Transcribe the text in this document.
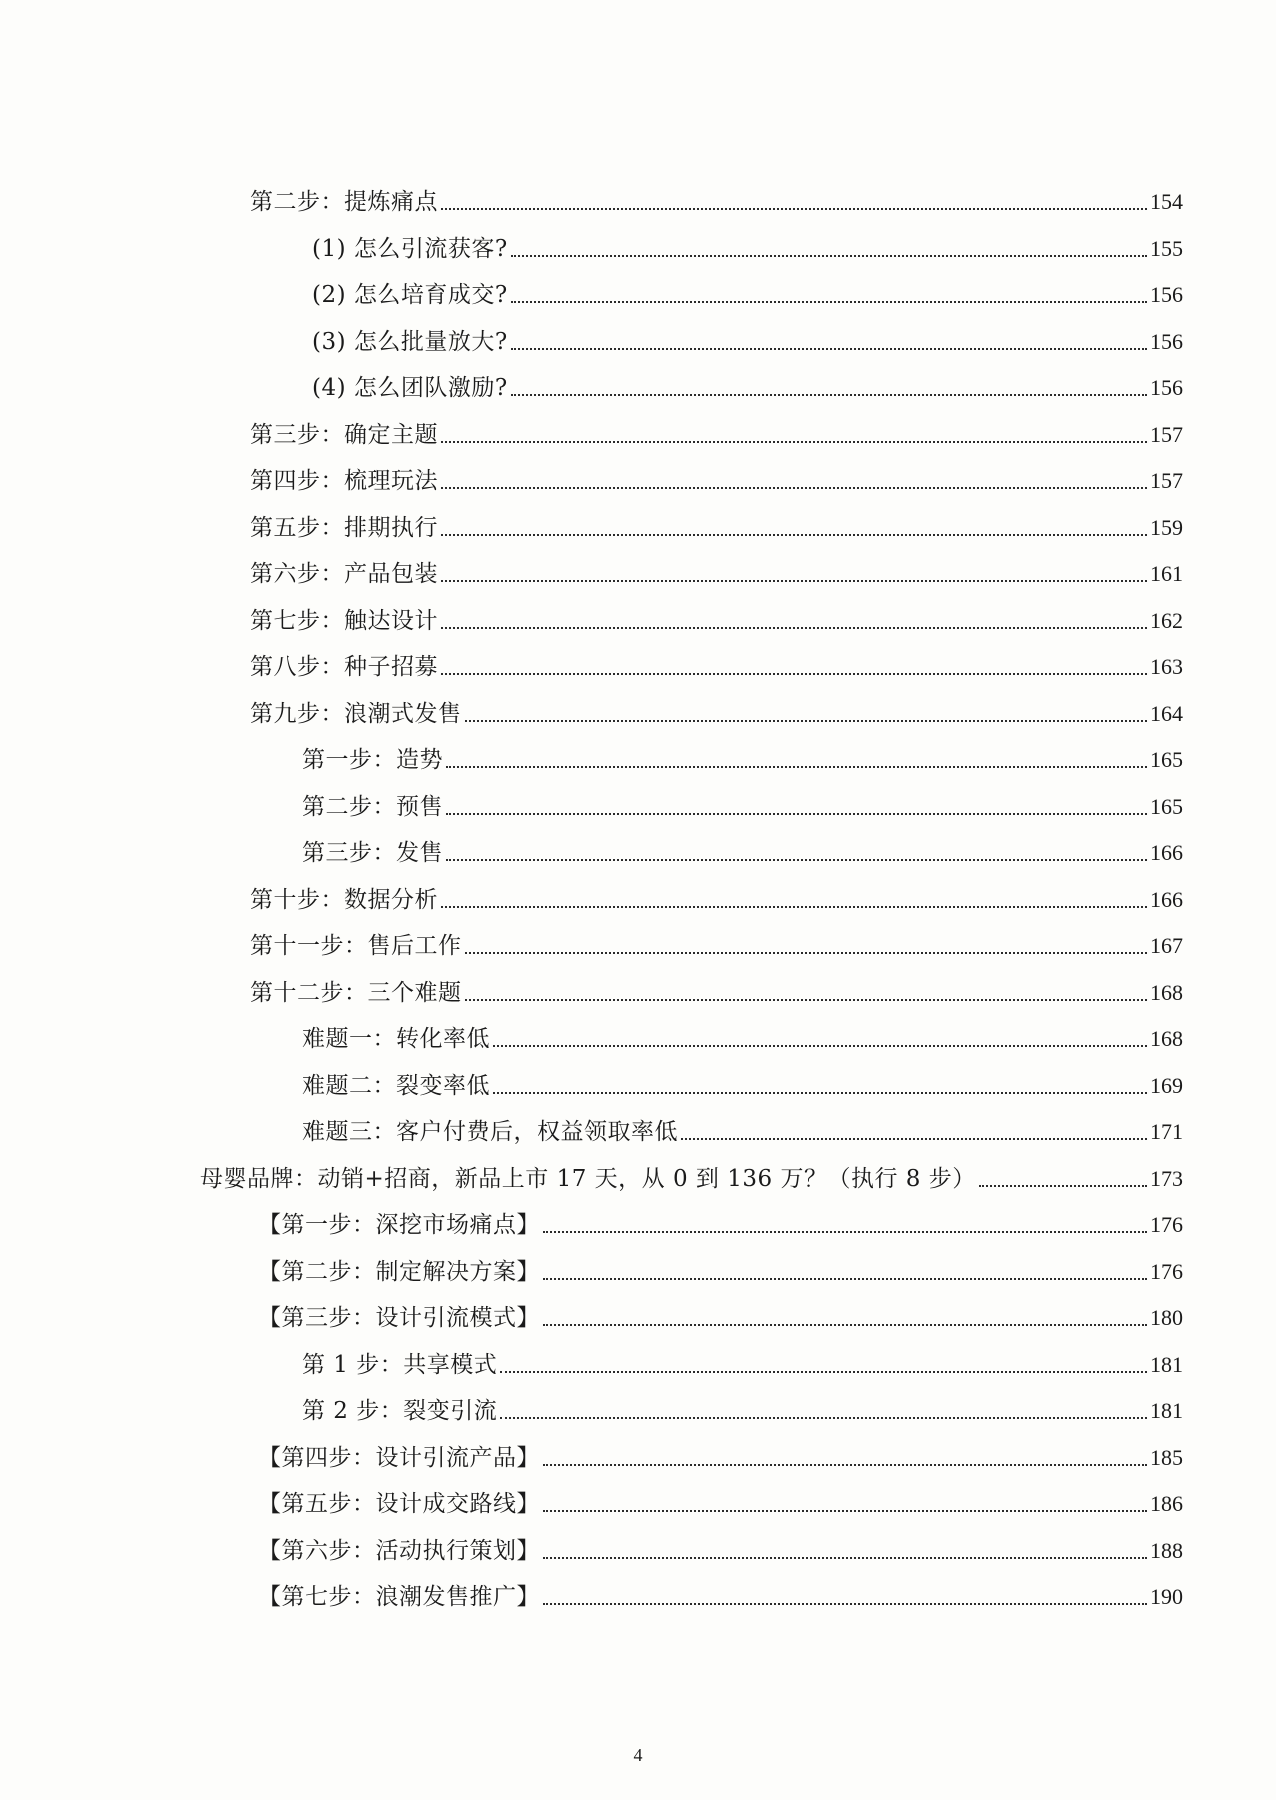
第二步：提炼痛点	154
(1) 怎么引流获客?	155
(2) 怎么培育成交?	156
(3) 怎么批量放大?	156
(4) 怎么团队激励?	156
第三步：确定主题	157
第四步：梳理玩法	157
第五步：排期执行	159
第六步：产品包装	161
第七步：触达设计	162
第八步：种子招募	163
第九步：浪潮式发售	164
第一步：造势	165
第二步：预售	165
第三步：发售	166
第十步：数据分析	166
第十一步：售后工作	167
第十二步：三个难题	168
难题一：转化率低	168
难题二：裂变率低	169
难题三：客户付费后，权益领取率低	171
母婴品牌：动销+招商，新品上市 17 天，从 0 到 136 万？（执行 8 步）	173
【第一步：深挖市场痛点】	176
【第二步：制定解决方案】	176
【第三步：设计引流模式】	180
第 1 步：共享模式	181
第 2 步：裂变引流	181
【第四步：设计引流产品】	185
【第五步：设计成交路线】	186
【第六步：活动执行策划】	188
【第七步：浪潮发售推广】	190
4
